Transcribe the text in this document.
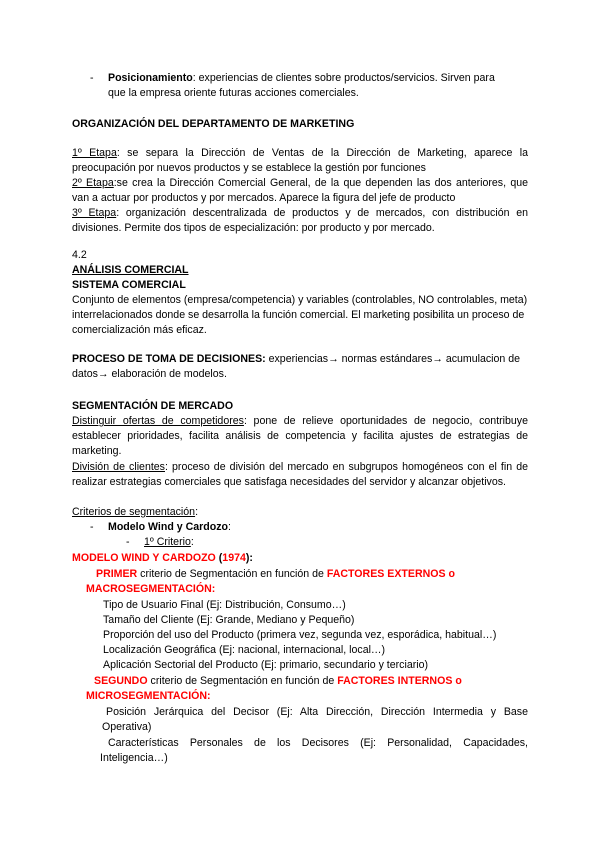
- Posicionamiento: experiencias de clientes sobre productos/servicios. Sirven para
que la empresa oriente futuras acciones comerciales.

ORGANIZACIÓN DEL DEPARTAMENTO DE MARKETING

1º Etapa: se separa la Dirección de Ventas de la Dirección de Marketing, aparece la preocupación por nuevos productos y se establece la gestión por funciones

2º Etapa:se crea la Dirección Comercial General, de la que dependen las dos anteriores, que van a actuar por productos y por mercados. Aparece la figura del jefe de producto

3º Etapa: organización descentralizada de productos y de mercados, con distribución en divisiones. Permite dos tipos de especialización: por producto y por mercado.

4.2

ANÁLISIS COMERCIAL

SISTEMA COMERCIAL

Conjunto de elementos (empresa/competencia) y variables (controlables, NO controlables, meta) interrelacionados donde se desarrolla la función comercial. El marketing posibilita un proceso de comercialización más eficaz.

PROCESO DE TOMA DE DECISIONES: experiencias→ normas estándares→ acumulacion de datos→ elaboración de modelos.

SEGMENTACIÓN DE MERCADO

Distinguir ofertas de competidores: pone de relieve oportunidades de negocio, contribuye establecer prioridades, facilita análisis de competencia y facilita ajustes de estrategias de marketing.

División de clientes: proceso de división del mercado en subgrupos homogéneos con el fin de realizar estrategias comerciales que satisfaga necesidades del servidor y alcanzar objetivos.

Criterios de segmentación:

- Modelo Wind y Cardozo:

- 1º Criterio:

MODELO WIND Y CARDOZO (1974):

PRIMER criterio de Segmentación en función de FACTORES EXTERNOS o

MACROSEGMENTACIÓN:

Tipo de Usuario Final (Ej: Distribución, Consumo…)
Tamaño del Cliente (Ej: Grande, Mediano y Pequeño)
Proporción del uso del Producto (primera vez, segunda vez, esporádica, habitual…)
Localización Geográfica (Ej: nacional, internacional, local…)
Aplicación Sectorial del Producto (Ej: primario, secundario y terciario)

SEGUNDO criterio de Segmentación en función de FACTORES INTERNOS o

MICROSEGMENTACIÓN:

Posición Jerárquica del Decisor (Ej: Alta Dirección, Dirección Intermedia y Base Operativa)

Características Personales de los Decisores (Ej: Personalidad, Capacidades, Inteligencia…)
